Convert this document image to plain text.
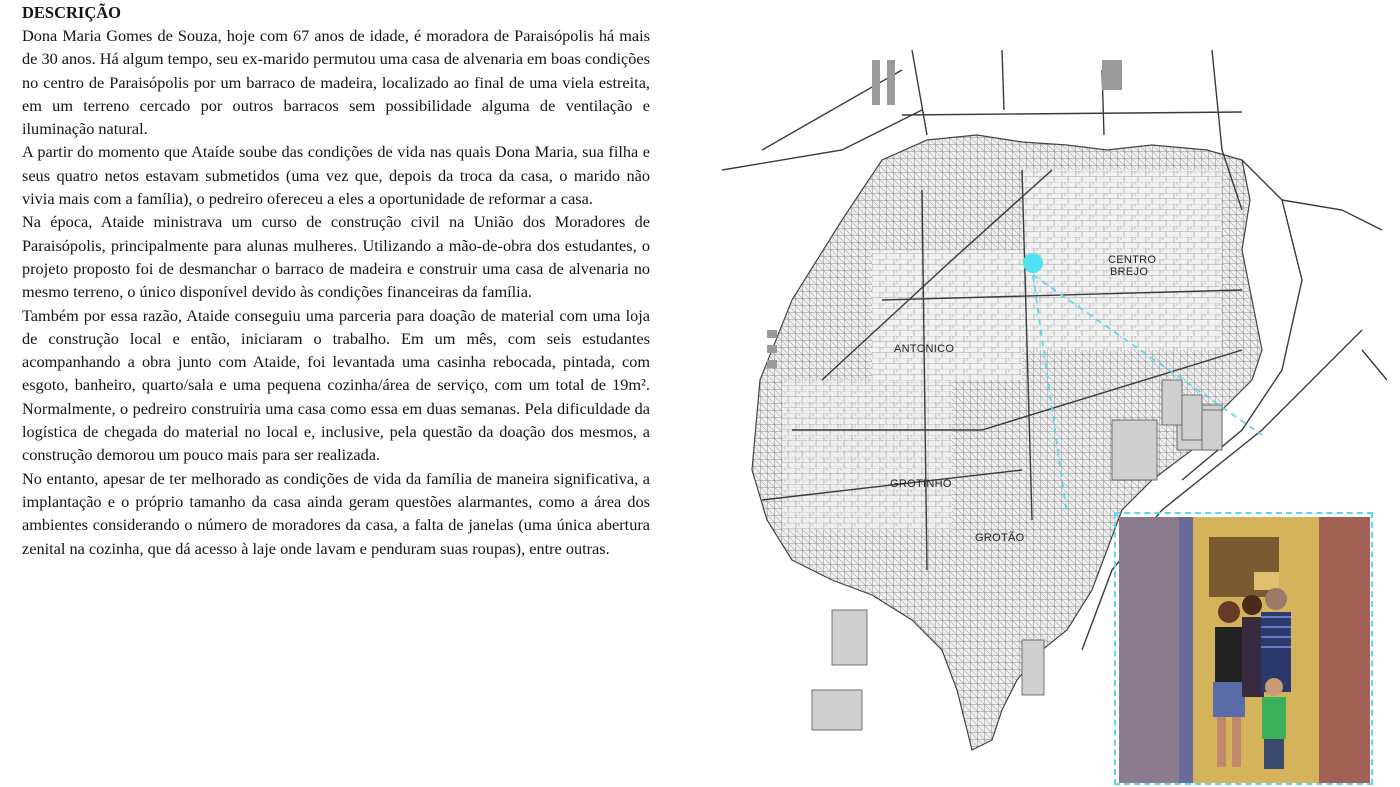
DESCRIÇÃO

Dona Maria Gomes de Souza, hoje com 67 anos de idade, é moradora de Paraisópolis há mais de 30 anos. Há algum tempo, seu ex-marido permutou uma casa de alvenaria em boas condições no centro de Paraisópolis por um barraco de madeira, localizado ao final de uma viela estreita, em um terreno cercado por outros barracos sem possibilidade alguma de ventilação e iluminação natural.

A partir do momento que Ataíde soube das condições de vida nas quais Dona Maria, sua filha e seus quatro netos estavam submetidos (uma vez que, depois da troca da casa, o marido não vivia mais com a família), o pedreiro ofereceu a eles a oportunidade de reformar a casa.

Na época, Ataide ministrava um curso de construção civil na União dos Moradores de Paraisópolis, principalmente para alunas mulheres. Utilizando a mão-de-obra dos estudantes, o projeto proposto foi de desmanchar o barraco de madeira e construir uma casa de alvenaria no mesmo terreno, o único disponível devido às condições financeiras da família.

Também por essa razão, Ataide conseguiu uma parceria para doação de material com uma loja de construção local e então, iniciaram o trabalho. Em um mês, com seis estudantes acompanhando a obra junto com Ataide, foi levantada uma casinha rebocada, pintada, com esgoto, banheiro, quarto/sala e uma pequena cozinha/área de serviço, com um total de 19m². Normalmente, o pedreiro construiria uma casa como essa em duas semanas. Pela dificuldade da logística de chegada do material no local e, inclusive, pela questão da doação dos mesmos, a construção demorou um pouco mais para ser realizada.

No entanto, apesar de ter melhorado as condições de vida da família de maneira significativa, a implantação e o próprio tamanho da casa ainda geram questões alarmantes, como a área dos ambientes considerando o número de moradores da casa, a falta de janelas (uma única abertura zenital na cozinha, que dá acesso à laje onde lavam e penduram suas roupas), entre outras.

CENTRO
BREJO
ANTONICO
GROTINHO
GROTÃO
